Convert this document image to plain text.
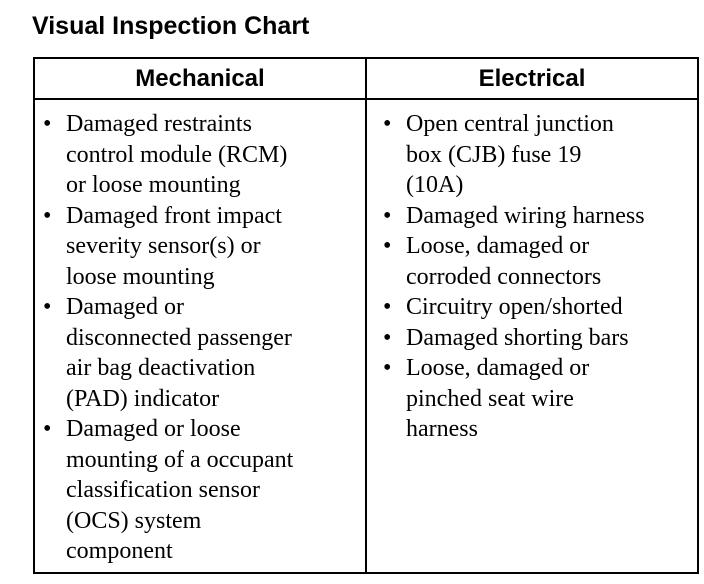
Visual Inspection Chart
Mechanical	Electrical
• Damaged restraints
control module (RCM)
or loose mounting
• Damaged front impact
severity sensor(s) or
loose mounting
• Damaged or
disconnected passenger
air bag deactivation
(PAD) indicator
• Damaged or loose
mounting of a occupant
classification sensor
(OCS) system
component
• Open central junction
box (CJB) fuse 19
(10A)
• Damaged wiring harness
• Loose, damaged or
corroded connectors
• Circuitry open/shorted
• Damaged shorting bars
• Loose, damaged or
pinched seat wire
harness
